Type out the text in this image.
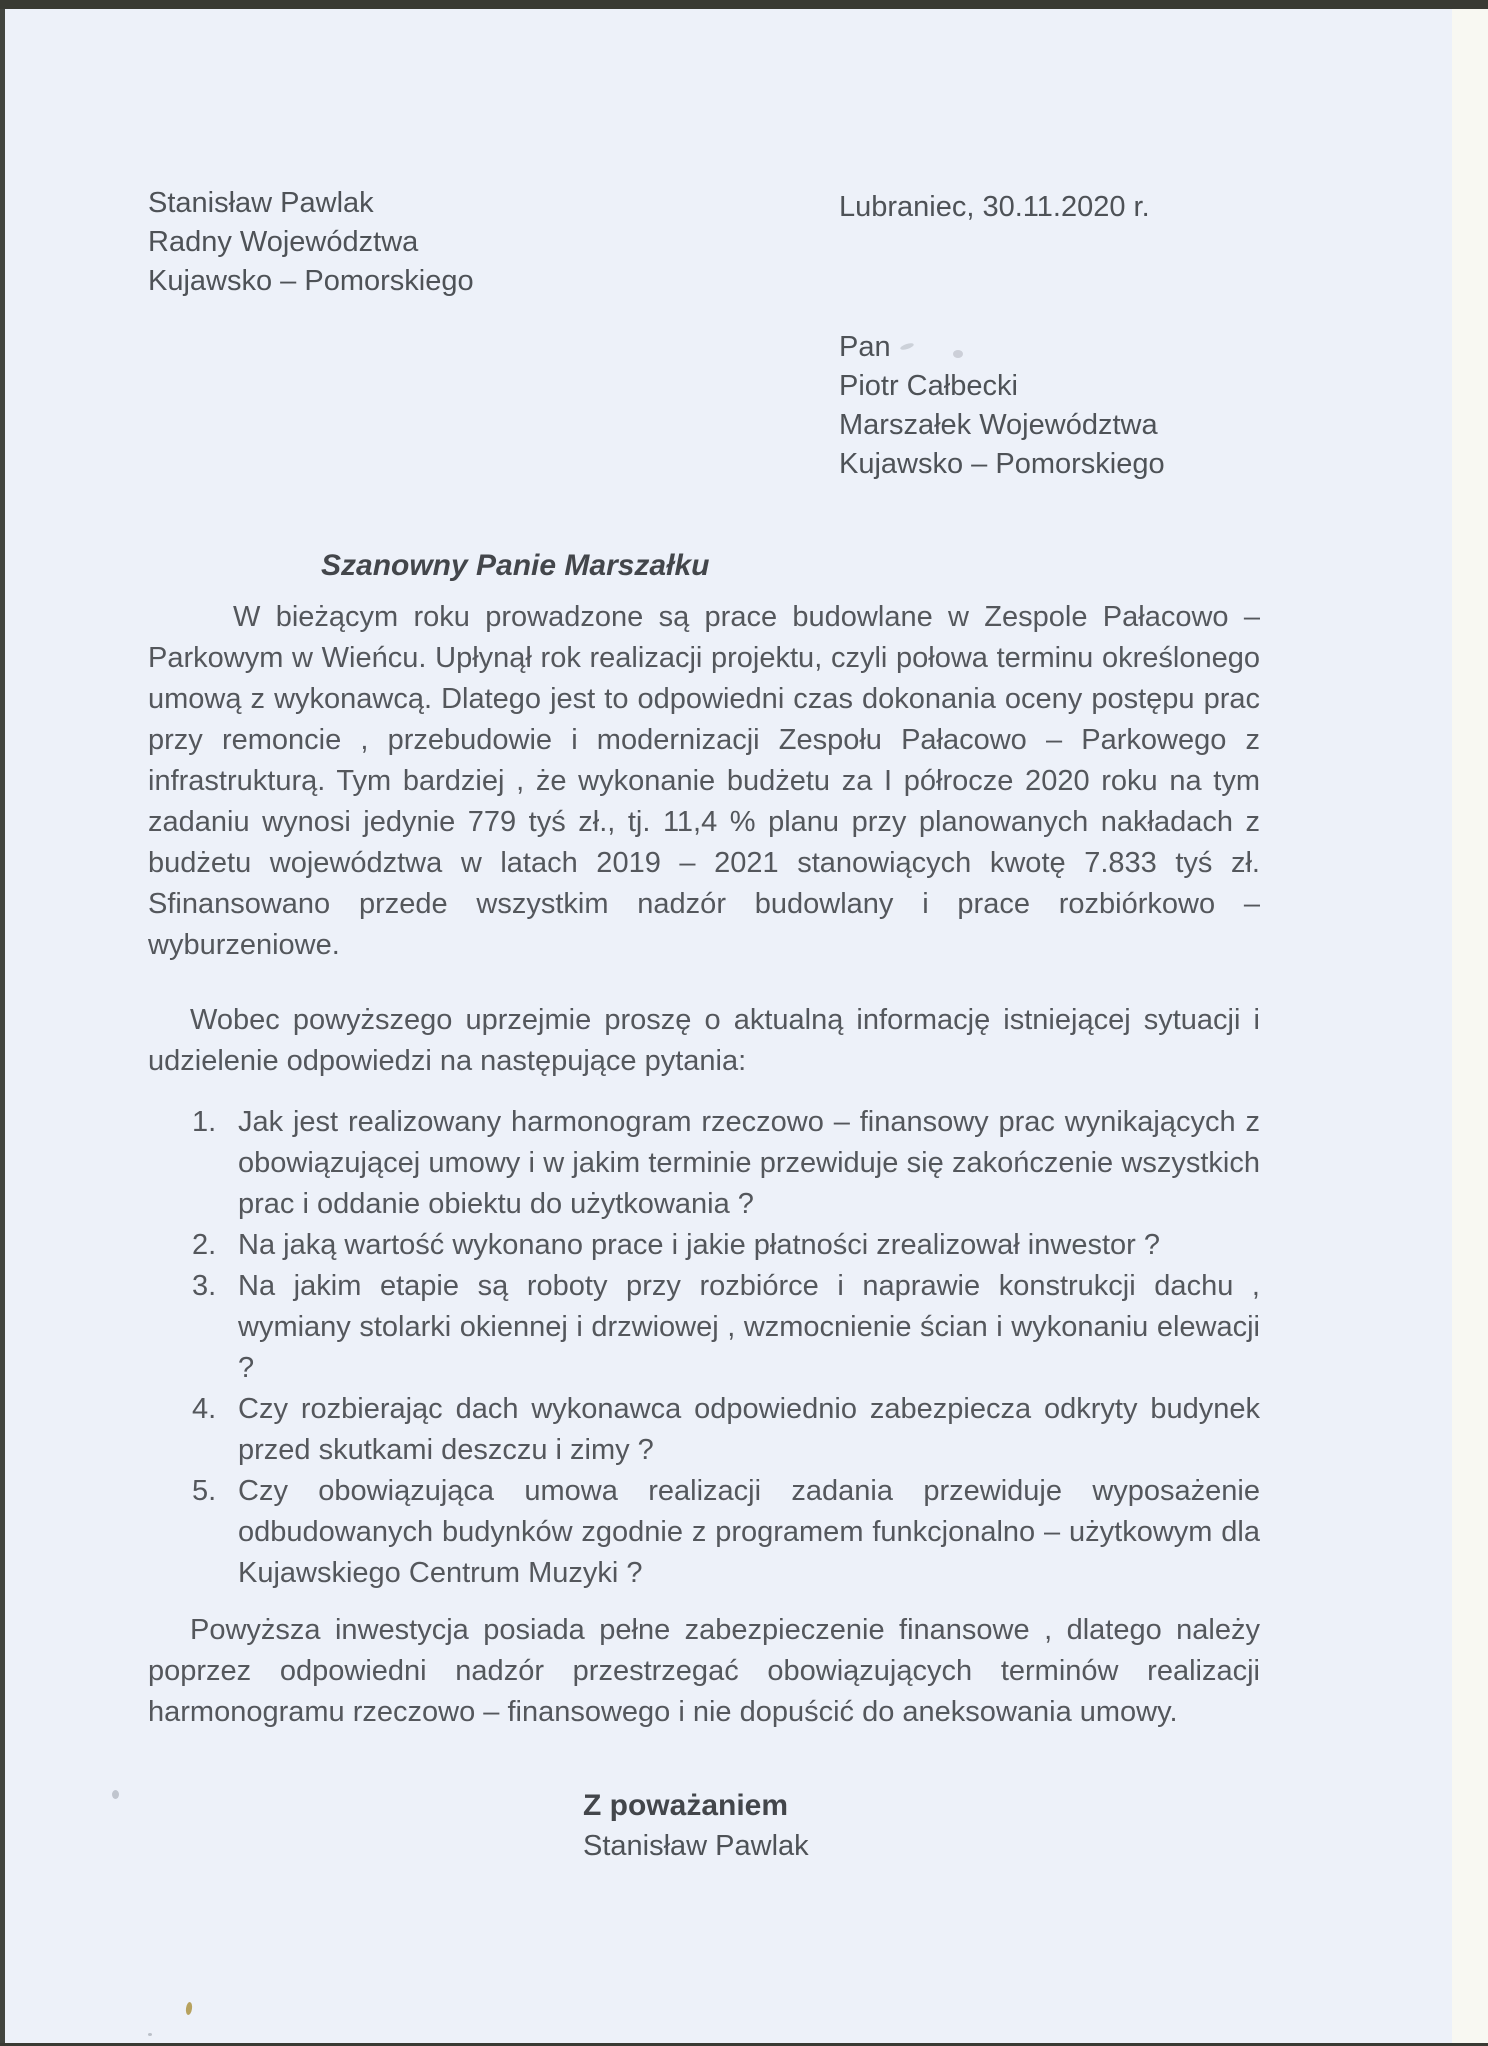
Stanisław Pawlak
Radny Województwa
Kujawsko – Pomorskiego
Lubraniec, 30.11.2020 r.
Pan
Piotr Całbecki
Marszałek Województwa
Kujawsko – Pomorskiego
Szanowny Panie Marszałku

W bieżącym roku prowadzone są prace budowlane w Zespole Pałacowo – Parkowym w Wieńcu. Upłynął rok realizacji projektu, czyli połowa terminu określonego umową z wykonawcą. Dlatego jest to odpowiedni czas dokonania oceny postępu prac przy remoncie , przebudowie i modernizacji Zespołu Pałacowo – Parkowego z infrastrukturą. Tym bardziej , że wykonanie budżetu za I półrocze 2020 roku na tym zadaniu wynosi jedynie 779 tyś zł., tj. 11,4 % planu przy planowanych nakładach z budżetu województwa w latach 2019 – 2021 stanowiących kwotę 7.833 tyś zł. Sfinansowano przede wszystkim nadzór budowlany i prace rozbiórkowo – wyburzeniowe.

Wobec powyższego uprzejmie proszę o aktualną informację istniejącej sytuacji i udzielenie odpowiedzi na następujące pytania:

1. Jak jest realizowany harmonogram rzeczowo – finansowy prac wynikających z obowiązującej umowy i w jakim terminie przewiduje się zakończenie wszystkich prac i oddanie obiektu do użytkowania ?
2. Na jaką wartość wykonano prace i jakie płatności zrealizował inwestor ?
3. Na jakim etapie są roboty przy rozbiórce i naprawie konstrukcji dachu , wymiany stolarki okiennej i drzwiowej , wzmocnienie ścian i wykonaniu elewacji ?
4. Czy rozbierając dach wykonawca odpowiednio zabezpiecza odkryty budynek przed skutkami deszczu i zimy ?
5. Czy obowiązująca umowa realizacji zadania przewiduje wyposażenie odbudowanych budynków zgodnie z programem funkcjonalno – użytkowym dla Kujawskiego Centrum Muzyki ?

Powyższa inwestycja posiada pełne zabezpieczenie finansowe , dlatego należy poprzez odpowiedni nadzór przestrzegać obowiązujących terminów realizacji harmonogramu rzeczowo – finansowego i nie dopuścić do aneksowania umowy.

Z poważaniem
Stanisław Pawlak
